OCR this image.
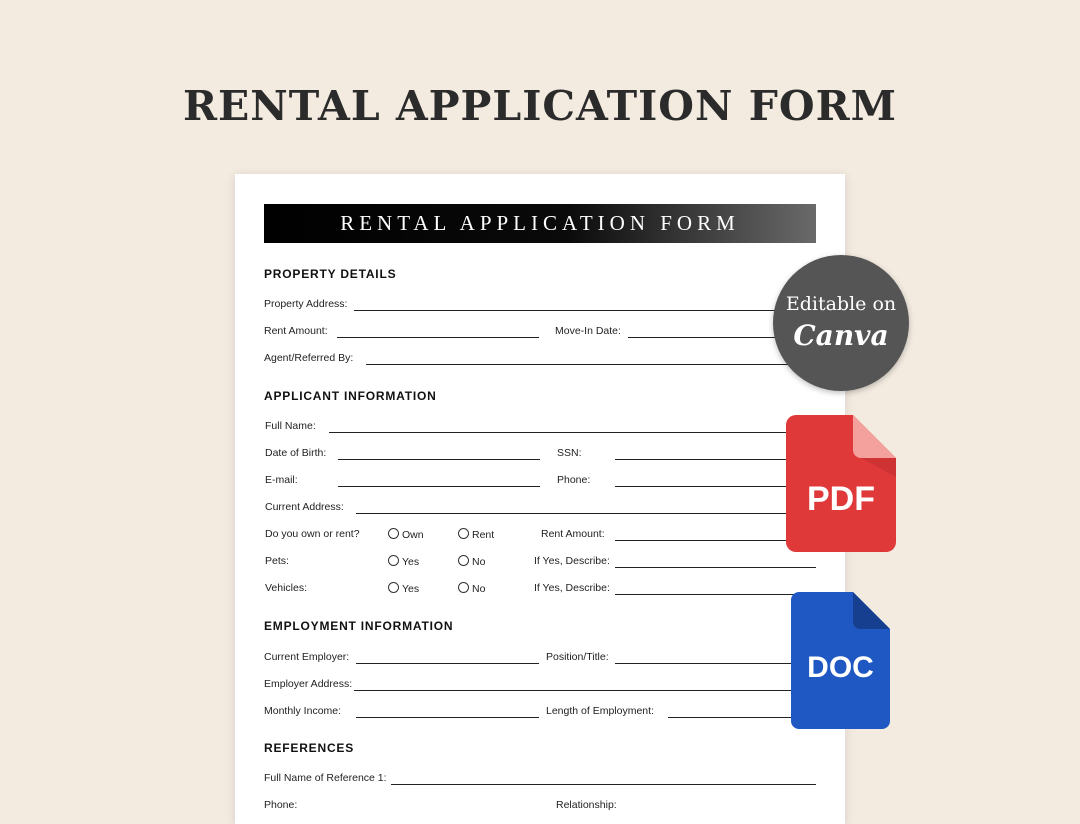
RENTAL APPLICATION FORM
RENTAL APPLICATION FORM
PROPERTY DETAILS
Property Address:
Rent Amount:	Move-In Date:
Agent/Referred By:
APPLICANT INFORMATION
Full Name:
Date of Birth:	SSN:
E-mail:	Phone:
Current Address:
Do you own or rent?	Own	Rent	Rent Amount:
Pets:	Yes	No	If Yes, Describe:
Vehicles:	Yes	No	If Yes, Describe:
EMPLOYMENT INFORMATION
Current Employer:	Position/Title:
Employer Address:
Monthly Income:	Length of Employment:
REFERENCES
Full Name of Reference 1:
Phone:	Relationship:
Editable on
Canva
PDF
DOC
